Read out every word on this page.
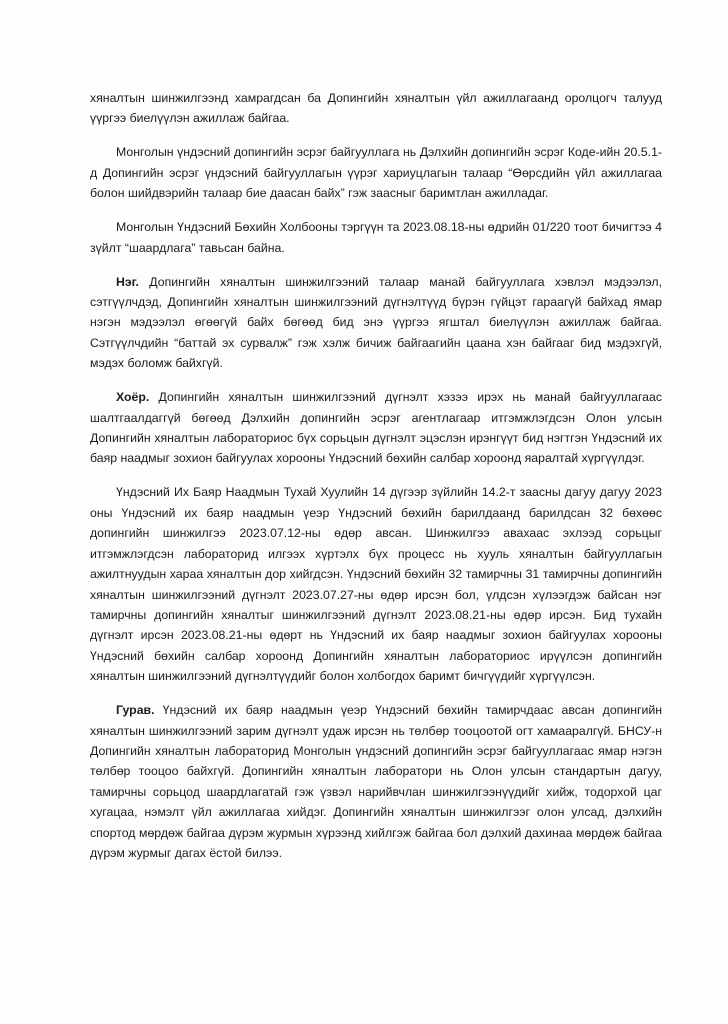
хяналтын шинжилгээнд хамрагдсан ба Допингийн хяналтын үйл ажиллагаанд оролцогч талууд үүргээ биелүүлэн ажиллаж байгаа.

Монголын үндэсний допингийн эсрэг байгууллага нь Дэлхийн допингийн эсрэг Коде-ийн 20.5.1-д Допингийн эсрэг үндэсний байгууллагын үүрэг хариуцлагын талаар “Өөрсдийн үйл ажиллагаа болон шийдвэрийн талаар бие даасан байх” гэж заасныг баримтлан ажилладаг.

Монголын Үндэсний Бөхийн Холбооны тэргүүн та 2023.08.18-ны өдрийн 01/220 тоот бичигтээ 4 зүйлт “шаардлага” тавьсан байна.

Нэг. Допингийн хяналтын шинжилгээний талаар манай байгууллага хэвлэл мэдээлэл, сэтгүүлчдэд, Допингийн хяналтын шинжилгээний дүгнэлтүүд бүрэн гүйцэт гараагүй байхад ямар нэгэн мэдээлэл өгөөгүй байх бөгөөд бид энэ үүргээ ягштал биелүүлэн ажиллаж байгаа. Сэтгүүлчдийн “баттай эх сурвалж” гэж хэлж бичиж байгаагийн цаана хэн байгааг бид мэдэхгүй, мэдэх боломж байхгүй.

Хоёр. Допингийн хяналтын шинжилгээний дүгнэлт хэзээ ирэх нь манай байгууллагаас шалтгаалдаггүй бөгөөд Дэлхийн допингийн эсрэг агентлагаар итгэмжлэгдсэн Олон улсын Допингийн хяналтын лабораториос бүх сорьцын дүгнэлт эцэслэн ирэнгүүт бид нэгтгэн Үндэсний их баяр наадмыг зохион байгуулах хорооны Үндэсний бөхийн салбар хороонд яаралтай хүргүүлдэг.

Үндэсний Их Баяр Наадмын Тухай Хуулийн 14 дүгээр зүйлийн 14.2-т заасны дагуу дагуу 2023 оны Үндэсний их баяр наадмын үеэр Үндэсний бөхийн барилдаанд барилдсан 32 бөхөөс допингийн шинжилгээ 2023.07.12-ны өдөр авсан. Шинжилгээ авахаас эхлээд сорьцыг итгэмжлэгдсэн лабораторид илгээх хүртэлх бүх процесс нь хууль хяналтын байгууллагын ажилтнуудын хараа хяналтын дор хийгдсэн. Үндэсний бөхийн 32 тамирчны 31 тамирчны допингийн хяналтын шинжилгээний дүгнэлт 2023.07.27-ны өдөр ирсэн бол, үлдсэн хүлээгдэж байсан нэг тамирчны допингийн хяналтыг шинжилгээний дүгнэлт 2023.08.21-ны өдөр ирсэн. Бид тухайн дүгнэлт ирсэн 2023.08.21-ны өдөрт нь Үндэсний их баяр наадмыг зохион байгуулах хорооны Үндэсний бөхийн салбар хороонд Допингийн хяналтын лабораториос ирүүлсэн допингийн хяналтын шинжилгээний дүгнэлтүүдийг болон холбогдох баримт бичгүүдийг хүргүүлсэн.

Гурав. Үндэсний их баяр наадмын үеэр Үндэсний бөхийн тамирчдаас авсан допингийн хяналтын шинжилгээний зарим дүгнэлт удаж ирсэн нь төлбөр тооцоотой огт хамааралгүй. БНСУ-н Допингийн хяналтын лабораторид Монголын үндэсний допингийн эсрэг байгууллагаас ямар нэгэн төлбөр тооцоо байхгүй. Допингийн хяналтын лаборатори нь Олон улсын стандартын дагуу, тамирчны сорьцод шаардлагатай гэж үзвэл нарийвчлан шинжилгээнүүдийг хийж, тодорхой цаг хугацаа, нэмэлт үйл ажиллагаа хийдэг. Допингийн хяналтын шинжилгээг олон улсад, дэлхийн спортод мөрдөж байгаа дүрэм журмын хүрээнд хийлгэж байгаа бол дэлхий дахинаа мөрдөж байгаа дүрэм журмыг дагах ёстой билээ.
